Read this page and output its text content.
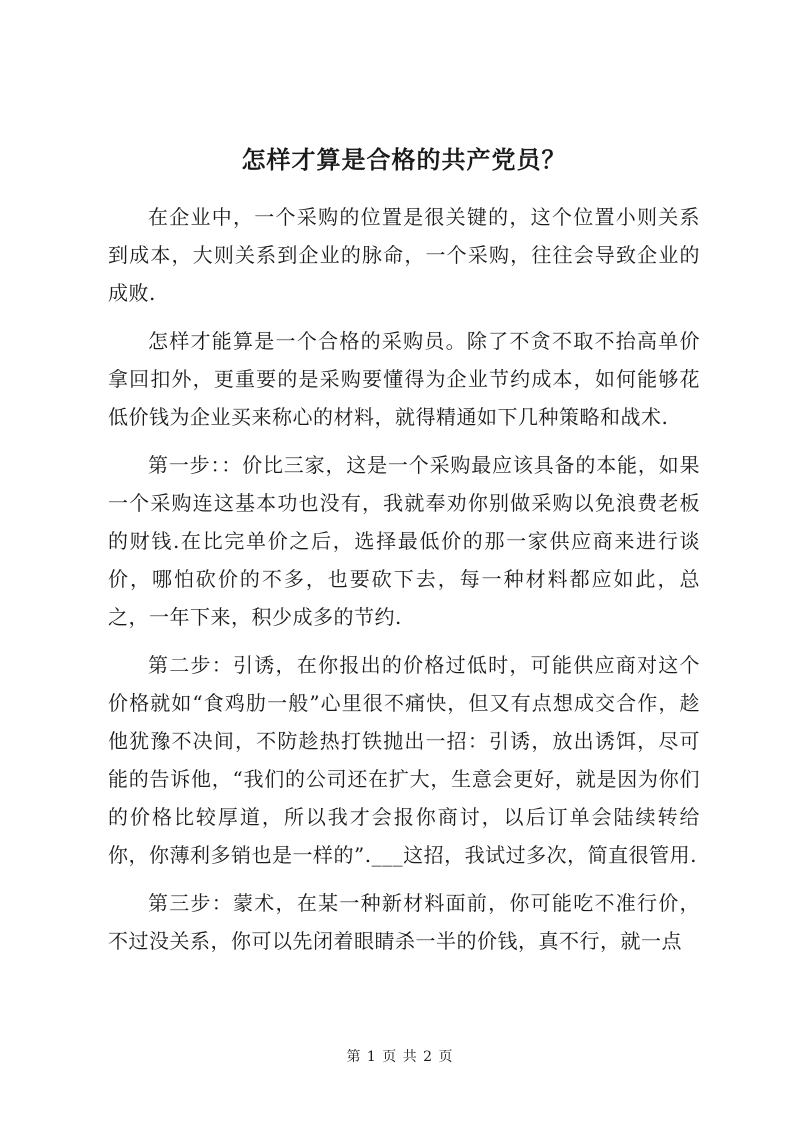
怎样才算是合格的共产党员？

在企业中，一个采购的位置是很关键的，这个位置小则关系到成本，大则关系到企业的脉命，一个采购，往往会导致企业的成败.

怎样才能算是一个合格的采购员。除了不贪不取不抬高单价拿回扣外，更重要的是采购要懂得为企业节约成本，如何能够花低价钱为企业买来称心的材料，就得精通如下几种策略和战术.

第一步：：价比三家，这是一个采购最应该具备的本能，如果一个采购连这基本功也没有，我就奉劝你别做采购以免浪费老板的财钱.在比完单价之后，选择最低价的那一家供应商来进行谈价，哪怕砍价的不多，也要砍下去，每一种材料都应如此，总之，一年下来，积少成多的节约.

第二步：引诱，在你报出的价格过低时，可能供应商对这个价格就如“食鸡肋一般”心里很不痛快，但又有点想成交合作，趁他犹豫不决间，不防趁热打铁抛出一招：引诱，放出诱饵，尽可能的告诉他，“我们的公司还在扩大，生意会更好，就是因为你们的价格比较厚道，所以我才会报你商讨，以后订单会陆续转给你，你薄利多销也是一样的”.___这招，我试过多次，简直很管用.

第三步：蒙术，在某一种新材料面前，你可能吃不准行价，不过没关系，你可以先闭着眼睛杀一半的价钱，真不行，就一点

第 1 页 共 2 页
